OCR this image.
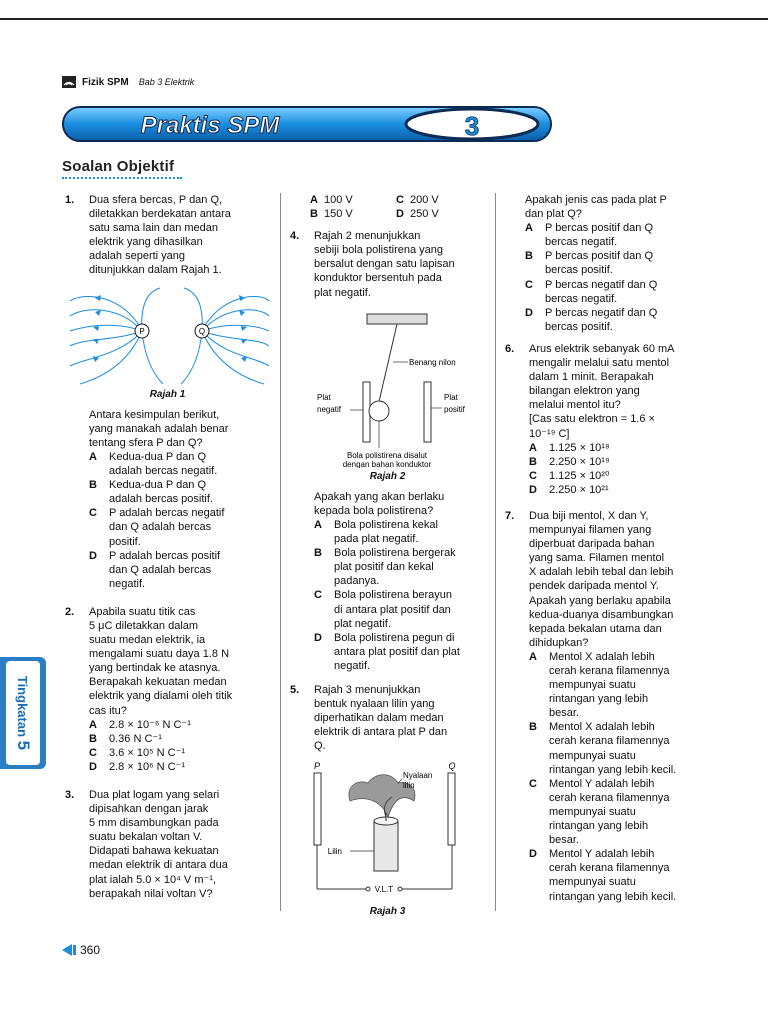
Fizik SPM Bab 3 Elektrik
Praktis SPM	3
Soalan Objektif
1. Dua sfera bercas, P dan Q,
diletakkan berdekatan antara
satu sama lain dan medan
elektrik yang dihasilkan
adalah seperti yang
ditunjukkan dalam Rajah 1.
P	Q
Rajah 1
Antara kesimpulan berikut,
yang manakah adalah benar
tentang sfera P dan Q?
A Kedua-dua P dan Q
adalah bercas negatif.
B Kedua-dua P dan Q
adalah bercas positif.
C P adalah bercas negatif
dan Q adalah bercas
positif.
D P adalah bercas positif
dan Q adalah bercas
negatif.
2. Apabila suatu titik cas
5 μC diletakkan dalam
suatu medan elektrik, ia
mengalami suatu daya 1.8 N
yang bertindak ke atasnya.
Berapakah kekuatan medan
elektrik yang dialami oleh titik
cas itu?
A 2.8 × 10⁻⁶ N C⁻¹
B 0.36 N C⁻¹
C 3.6 × 10⁵ N C⁻¹
D 2.8 × 10⁶ N C⁻¹
3. Dua plat logam yang selari
dipisahkan dengan jarak
5 mm disambungkan pada
suatu bekalan voltan V.
Didapati bahawa kekuatan
medan elektrik di antara dua
plat ialah 5.0 × 10⁴ V m⁻¹,
berapakah nilai voltan V?
A 100 V	C 200 V
B 150 V	D 250 V
4. Rajah 2 menunjukkan
sebiji bola polistirena yang
bersalut dengan satu lapisan
konduktor bersentuh pada
plat negatif.
Benang nilon
Plat
negatif
Plat
positif
Bola polistirena disalut
dengan bahan konduktor
Rajah 2
Apakah yang akan berlaku
kepada bola polistirena?
A Bola polistirena kekal
pada plat negatif.
B Bola polistirena bergerak
plat positif dan kekal
padanya.
C Bola polistirena berayun
di antara plat positif dan
plat negatif.
D Bola polistirena pegun di
antara plat positif dan plat
negatif.
5. Rajah 3 menunjukkan
bentuk nyalaan lilin yang
diperhatikan dalam medan
elektrik di antara plat P dan
Q.
P	Q
Nyalaan
lilin
Lilin
V.L.T
Rajah 3
Apakah jenis cas pada plat P
dan plat Q?
A P bercas positif dan Q
bercas negatif.
B P bercas positif dan Q
bercas positif.
C P bercas negatif dan Q
bercas negatif.
D P bercas negatif dan Q
bercas positif.
6. Arus elektrik sebanyak 60 mA
mengalir melalui satu mentol
dalam 1 minit. Berapakah
bilangan elektron yang
melalui mentol itu?
[Cas satu elektron = 1.6 ×
10⁻¹⁹ C]
A 1.125 × 10¹⁸
B 2.250 × 10¹⁹
C 1.125 × 10²⁰
D 2.250 × 10²¹
7. Dua biji mentol, X dan Y,
mempunyai filamen yang
diperbuat daripada bahan
yang sama. Filamen mentol
X adalah lebih tebal dan lebih
pendek daripada mentol Y.
Apakah yang berlaku apabila
kedua-duanya disambungkan
kepada bekalan utama dan
dihidupkan?
A Mentol X adalah lebih
cerah kerana filamennya
mempunyai suatu
rintangan yang lebih
besar.
B Mentol X adalah lebih
cerah kerana filamennya
mempunyai suatu
rintangan yang lebih kecil.
C Mentol Y adalah lebih
cerah kerana filamennya
mempunyai suatu
rintangan yang lebih
besar.
D Mentol Y adalah lebih
cerah kerana filamennya
mempunyai suatu
rintangan yang lebih kecil.
Tingkatan 5
360
